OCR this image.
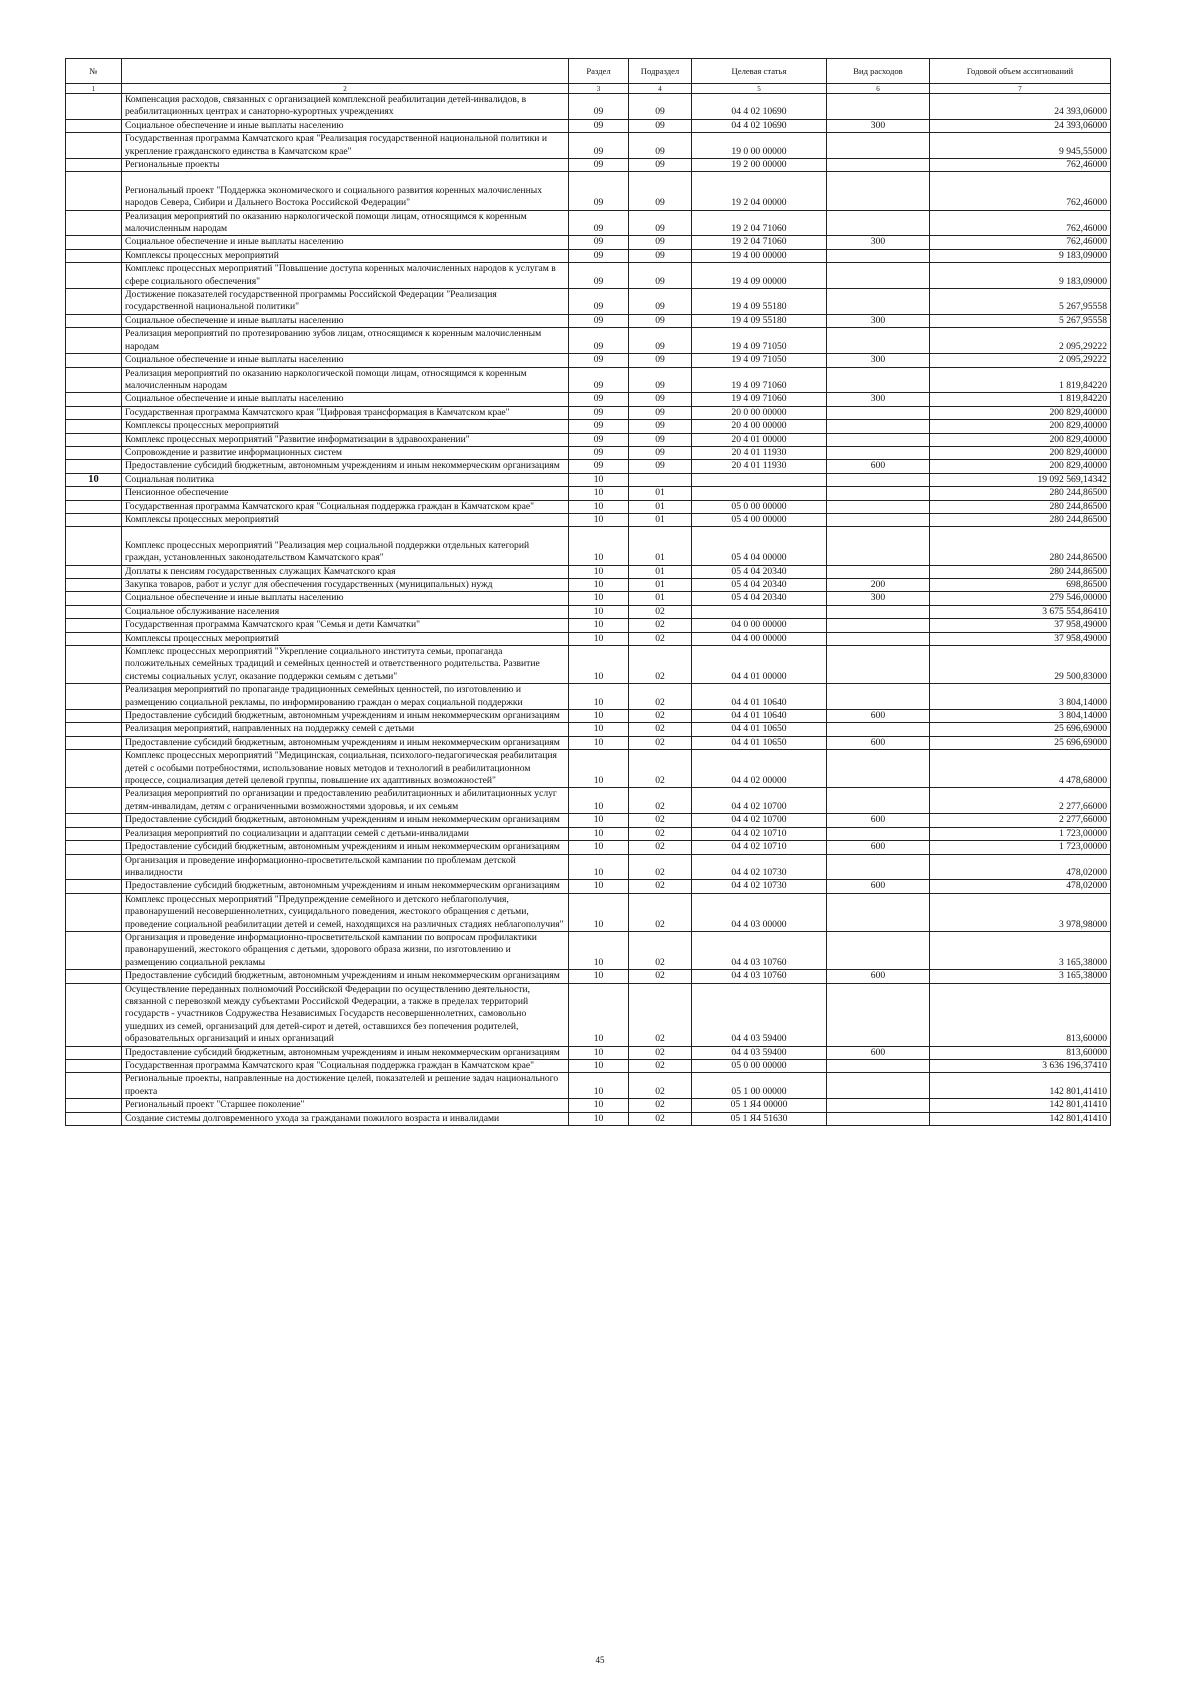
№		Раздел	Подраздел	Целевая статья	Вид расходов	Годовой объем ассигнований
1	2	3	4	5	6	7
	Компенсация расходов, связанных с организацией комплексной реабилитации детей-инвалидов, в реабилитационных центрах и санаторно-курортных учреждениях	09	09	04 4 02 10690		24 393,06000
	Социальное обеспечение и иные выплаты населению	09	09	04 4 02 10690	300	24 393,06000
	Государственная программа Камчатского края "Реализация государственной национальной политики и укрепление гражданского единства в Камчатском крае"	09	09	19 0 00 00000		9 945,55000
	Региональные проекты	09	09	19 2 00 00000		762,46000
	Региональный проект "Поддержка экономического и социального развития коренных малочисленных народов Севера, Сибири и Дальнего Востока Российской Федерации"	09	09	19 2 04 00000		762,46000
	Реализация мероприятий по оказанию наркологической помощи лицам, относящимся к коренным малочисленным народам	09	09	19 2 04 71060		762,46000
	Социальное обеспечение и иные выплаты населению	09	09	19 2 04 71060	300	762,46000
	Комплексы процессных мероприятий	09	09	19 4 00 00000		9 183,09000
	Комплекс процессных мероприятий "Повышение доступа коренных малочисленных народов к услугам в сфере социального обеспечения"	09	09	19 4 09 00000		9 183,09000
	Достижение показателей государственной программы Российской Федерации "Реализация государственной национальной политики"	09	09	19 4 09 55180		5 267,95558
	Социальное обеспечение и иные выплаты населению	09	09	19 4 09 55180	300	5 267,95558
	Реализация мероприятий по протезированию зубов лицам, относящимся к коренным малочисленным народам	09	09	19 4 09 71050		2 095,29222
	Социальное обеспечение и иные выплаты населению	09	09	19 4 09 71050	300	2 095,29222
	Реализация мероприятий по оказанию наркологической помощи лицам, относящимся к коренным малочисленным народам	09	09	19 4 09 71060		1 819,84220
	Социальное обеспечение и иные выплаты населению	09	09	19 4 09 71060	300	1 819,84220
	Государственная программа Камчатского края "Цифровая трансформация в Камчатском крае"	09	09	20 0 00 00000		200 829,40000
	Комплексы процессных мероприятий	09	09	20 4 00 00000		200 829,40000
	Комплекс процессных мероприятий "Развитие информатизации в здравоохранении"	09	09	20 4 01 00000		200 829,40000
	Сопровождение и развитие информационных систем	09	09	20 4 01 11930		200 829,40000
	Предоставление субсидий бюджетным, автономным учреждениям и иным некоммерческим организациям	09	09	20 4 01 11930	600	200 829,40000
10	Социальная политика	10				19 092 569,14342
	Пенсионное обеспечение	10	01			280 244,86500
	Государственная программа Камчатского края "Социальная поддержка граждан в Камчатском крае"	10	01	05 0 00 00000		280 244,86500
	Комплексы процессных мероприятий	10	01	05 4 00 00000		280 244,86500
	Комплекс процессных мероприятий "Реализация мер социальной поддержки отдельных категорий граждан, установленных законодательством Камчатского края"	10	01	05 4 04 00000		280 244,86500
	Доплаты к пенсиям государственных служащих Камчатского края	10	01	05 4 04 20340		280 244,86500
	Закупка товаров, работ и услуг для обеспечения государственных (муниципальных) нужд	10	01	05 4 04 20340	200	698,86500
	Социальное обеспечение и иные выплаты населению	10	01	05 4 04 20340	300	279 546,00000
	Социальное обслуживание населения	10	02			3 675 554,86410
	Государственная программа Камчатского края "Семья и дети Камчатки"	10	02	04 0 00 00000		37 958,49000
	Комплексы процессных мероприятий	10	02	04 4 00 00000		37 958,49000
	Комплекс процессных мероприятий "Укрепление социального института семьи, пропаганда положительных семейных традиций и семейных ценностей и ответственного родительства. Развитие системы социальных услуг, оказание поддержки семьям с детьми"	10	02	04 4 01 00000		29 500,83000
	Реализация мероприятий по пропаганде традиционных семейных ценностей, по изготовлению и размещению социальной рекламы, по информированию граждан о мерах социальной поддержки	10	02	04 4 01 10640		3 804,14000
	Предоставление субсидий бюджетным, автономным учреждениям и иным некоммерческим организациям	10	02	04 4 01 10640	600	3 804,14000
	Реализация мероприятий, направленных на поддержку семей с детьми	10	02	04 4 01 10650		25 696,69000
	Предоставление субсидий бюджетным, автономным учреждениям и иным некоммерческим организациям	10	02	04 4 01 10650	600	25 696,69000
	Комплекс процессных мероприятий "Медицинская, социальная, психолого-педагогическая реабилитация детей с особыми потребностями, использование новых методов и технологий в реабилитационном процессе, социализация детей целевой группы, повышение их адаптивных возможностей"	10	02	04 4 02 00000		4 478,68000
	Реализация мероприятий по организации и предоставлению реабилитационных и абилитационных услуг детям-инвалидам, детям с ограниченными возможностями здоровья, и их семьям	10	02	04 4 02 10700		2 277,66000
	Предоставление субсидий бюджетным, автономным учреждениям и иным некоммерческим организациям	10	02	04 4 02 10700	600	2 277,66000
	Реализация мероприятий по социализации и адаптации семей с детьми-инвалидами	10	02	04 4 02 10710		1 723,00000
	Предоставление субсидий бюджетным, автономным учреждениям и иным некоммерческим организациям	10	02	04 4 02 10710	600	1 723,00000
	Организация и проведение информационно-просветительской кампании по проблемам детской инвалидности	10	02	04 4 02 10730		478,02000
	Предоставление субсидий бюджетным, автономным учреждениям и иным некоммерческим организациям	10	02	04 4 02 10730	600	478,02000
	Комплекс процессных мероприятий "Предупреждение семейного и детского неблагополучия, правонарушений несовершеннолетних, суицидального поведения, жестокого обращения с детьми, проведение социальной реабилитации детей и семей, находящихся на различных стадиях неблагополучия"	10	02	04 4 03 00000		3 978,98000
	Организация и проведение информационно-просветительской кампании по вопросам профилактики правонарушений, жестокого обращения с детьми, здорового образа жизни, по изготовлению и размещению социальной рекламы	10	02	04 4 03 10760		3 165,38000
	Предоставление субсидий бюджетным, автономным учреждениям и иным некоммерческим организациям	10	02	04 4 03 10760	600	3 165,38000
	Осуществление переданных полномочий Российской Федерации по осуществлению деятельности, связанной с перевозкой между субъектами Российской Федерации, а также в пределах территорий государств - участников Содружества Независимых Государств несовершеннолетних, самовольно ушедших из семей, организаций для детей-сирот и детей, оставшихся без попечения родителей, образовательных организаций и иных организаций	10	02	04 4 03 59400		813,60000
	Предоставление субсидий бюджетным, автономным учреждениям и иным некоммерческим организациям	10	02	04 4 03 59400	600	813,60000
	Государственная программа Камчатского края "Социальная поддержка граждан в Камчатском крае"	10	02	05 0 00 00000		3 636 196,37410
	Региональные проекты, направленные на достижение целей, показателей и решение задач национального проекта	10	02	05 1 00 00000		142 801,41410
	Региональный проект "Старшее поколение"	10	02	05 1 Я4 00000		142 801,41410
	Создание системы долговременного ухода за гражданами пожилого возраста и инвалидами	10	02	05 1 Я4 51630		142 801,41410
45
